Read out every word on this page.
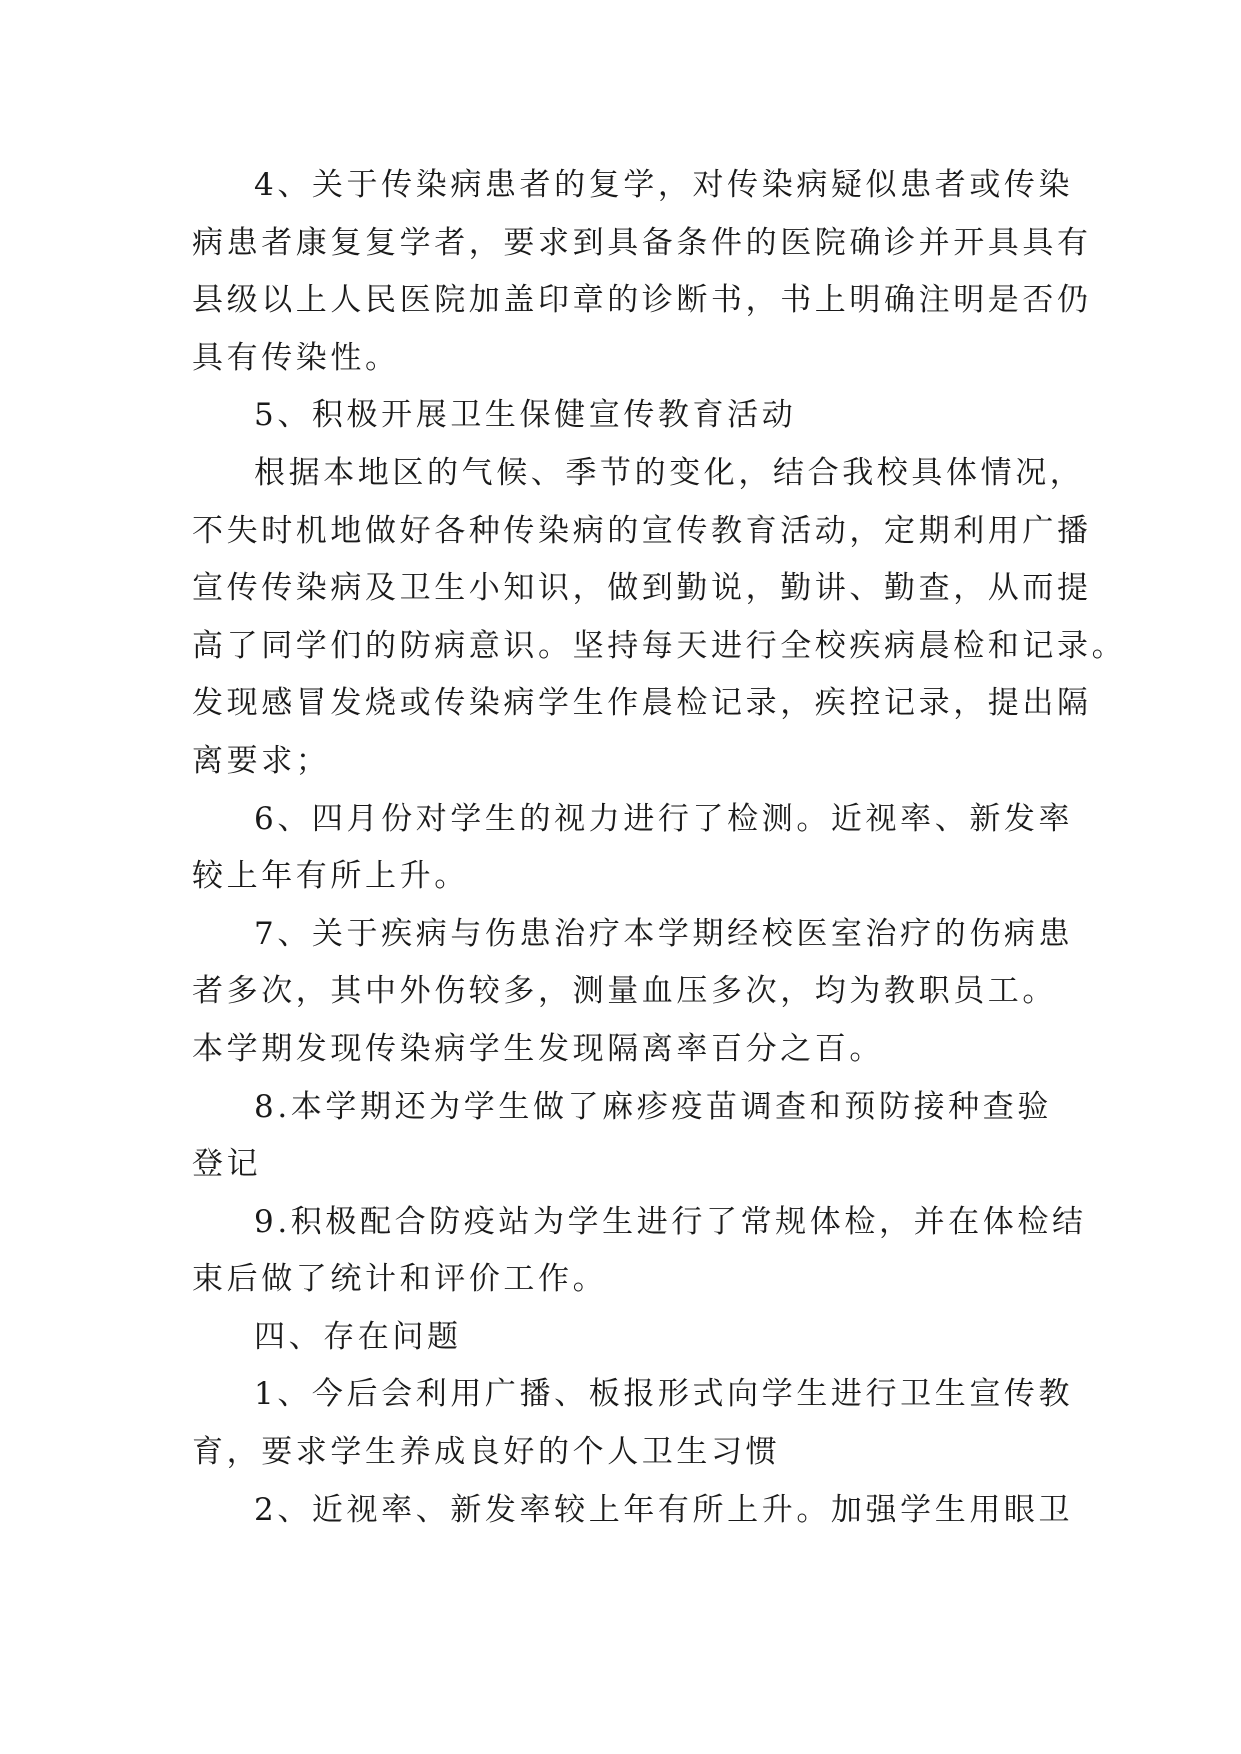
4、关于传染病患者的复学，对传染病疑似患者或传染
病患者康复复学者，要求到具备条件的医院确诊并开具具有
县级以上人民医院加盖印章的诊断书，书上明确注明是否仍
具有传染性。
5、积极开展卫生保健宣传教育活动
根据本地区的气候、季节的变化，结合我校具体情况，
不失时机地做好各种传染病的宣传教育活动，定期利用广播
宣传传染病及卫生小知识，做到勤说，勤讲、勤查，从而提
高了同学们的防病意识。坚持每天进行全校疾病晨检和记录。
发现感冒发烧或传染病学生作晨检记录，疾控记录，提出隔
离要求；
6、四月份对学生的视力进行了检测。近视率、新发率
较上年有所上升。
7、关于疾病与伤患治疗本学期经校医室治疗的伤病患
者多次，其中外伤较多，测量血压多次，均为教职员工。
本学期发现传染病学生发现隔离率百分之百。
8.本学期还为学生做了麻疹疫苗调查和预防接种查验
登记
9.积极配合防疫站为学生进行了常规体检，并在体检结
束后做了统计和评价工作。
四、存在问题
1、今后会利用广播、板报形式向学生进行卫生宣传教
育，要求学生养成良好的个人卫生习惯
2、近视率、新发率较上年有所上升。加强学生用眼卫
